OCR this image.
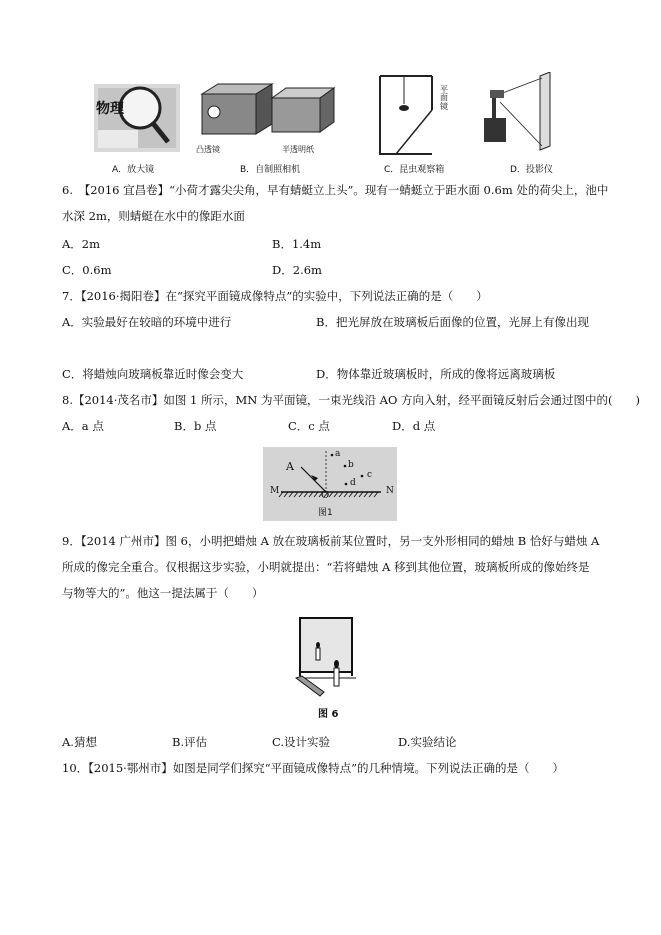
物理
A．放大镜
凸透镜	半透明纸
B．自制照相机
平面镜
C．昆虫观察箱	D．投影仪
6.　【2016 宜昌卷】“小荷才露尖尖角，早有蜻蜓立上头”。现有一蜻蜓立于距水面 0.6m 处的荷尖上，池中
水深 2m，则蜻蜓在水中的像距水面
A．2m	B．1.4m
C．0.6m	D．2.6m
7．【2016·揭阳卷】在“探究平面镜成像特点”的实验中，下列说法正确的是（　　）
A．实验最好在较暗的环境中进行	B．把光屏放在玻璃板后面像的位置，光屏上有像出现
C．将蜡烛向玻璃板靠近时像会变大	D．物体靠近玻璃板时，所成的像将远离玻璃板
8.【2014·茂名市】如图 1 所示，MN 为平面镜，一束光线沿 AO 方向入射，经平面镜反射后会通过图中的(　　)
A．a 点	B．b 点	C．c 点	D．d 点
A
O
M	N
a
b
c
d
图1
9．【2014 广州市】图 6，小明把蜡烛 A 放在玻璃板前某位置时，另一支外形相同的蜡烛 B 恰好与蜡烛 A
所成的像完全重合。仅根据这步实验，小明就提出：“若将蜡烛 A 移到其他位置，玻璃板所成的像始终是
与物等大的”。他这一提法属于（　　）
图 6
A.猜想	B.评估	C.设计实验	D.实验结论
10．【2015·鄂州市】如图是同学们探究“平面镜成像特点”的几种情境。下列说法正确的是（　　）
